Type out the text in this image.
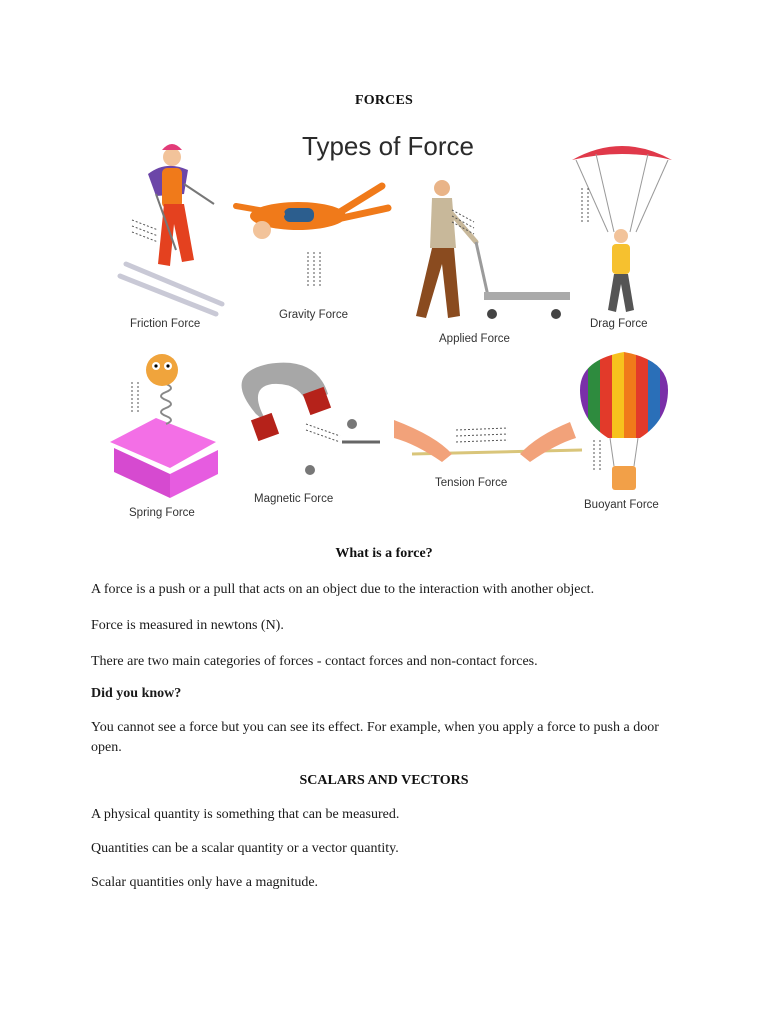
FORCES
Types of Force
Friction Force
Gravity Force
Applied Force
Drag Force
Spring Force
Magnetic Force
Tension Force
Buoyant Force
What is a force?
A force is a push or a pull that acts on an object due to the interaction with another object.
Force is measured in newtons (N).
There are two main categories of forces - contact forces and non-contact forces.
Did you know?
You cannot see a force but you can see its effect. For example, when you apply a force to push a door open.
SCALARS AND VECTORS
A physical quantity is something that can be measured.
Quantities can be a scalar quantity or a vector quantity.
Scalar quantities only have a magnitude.
